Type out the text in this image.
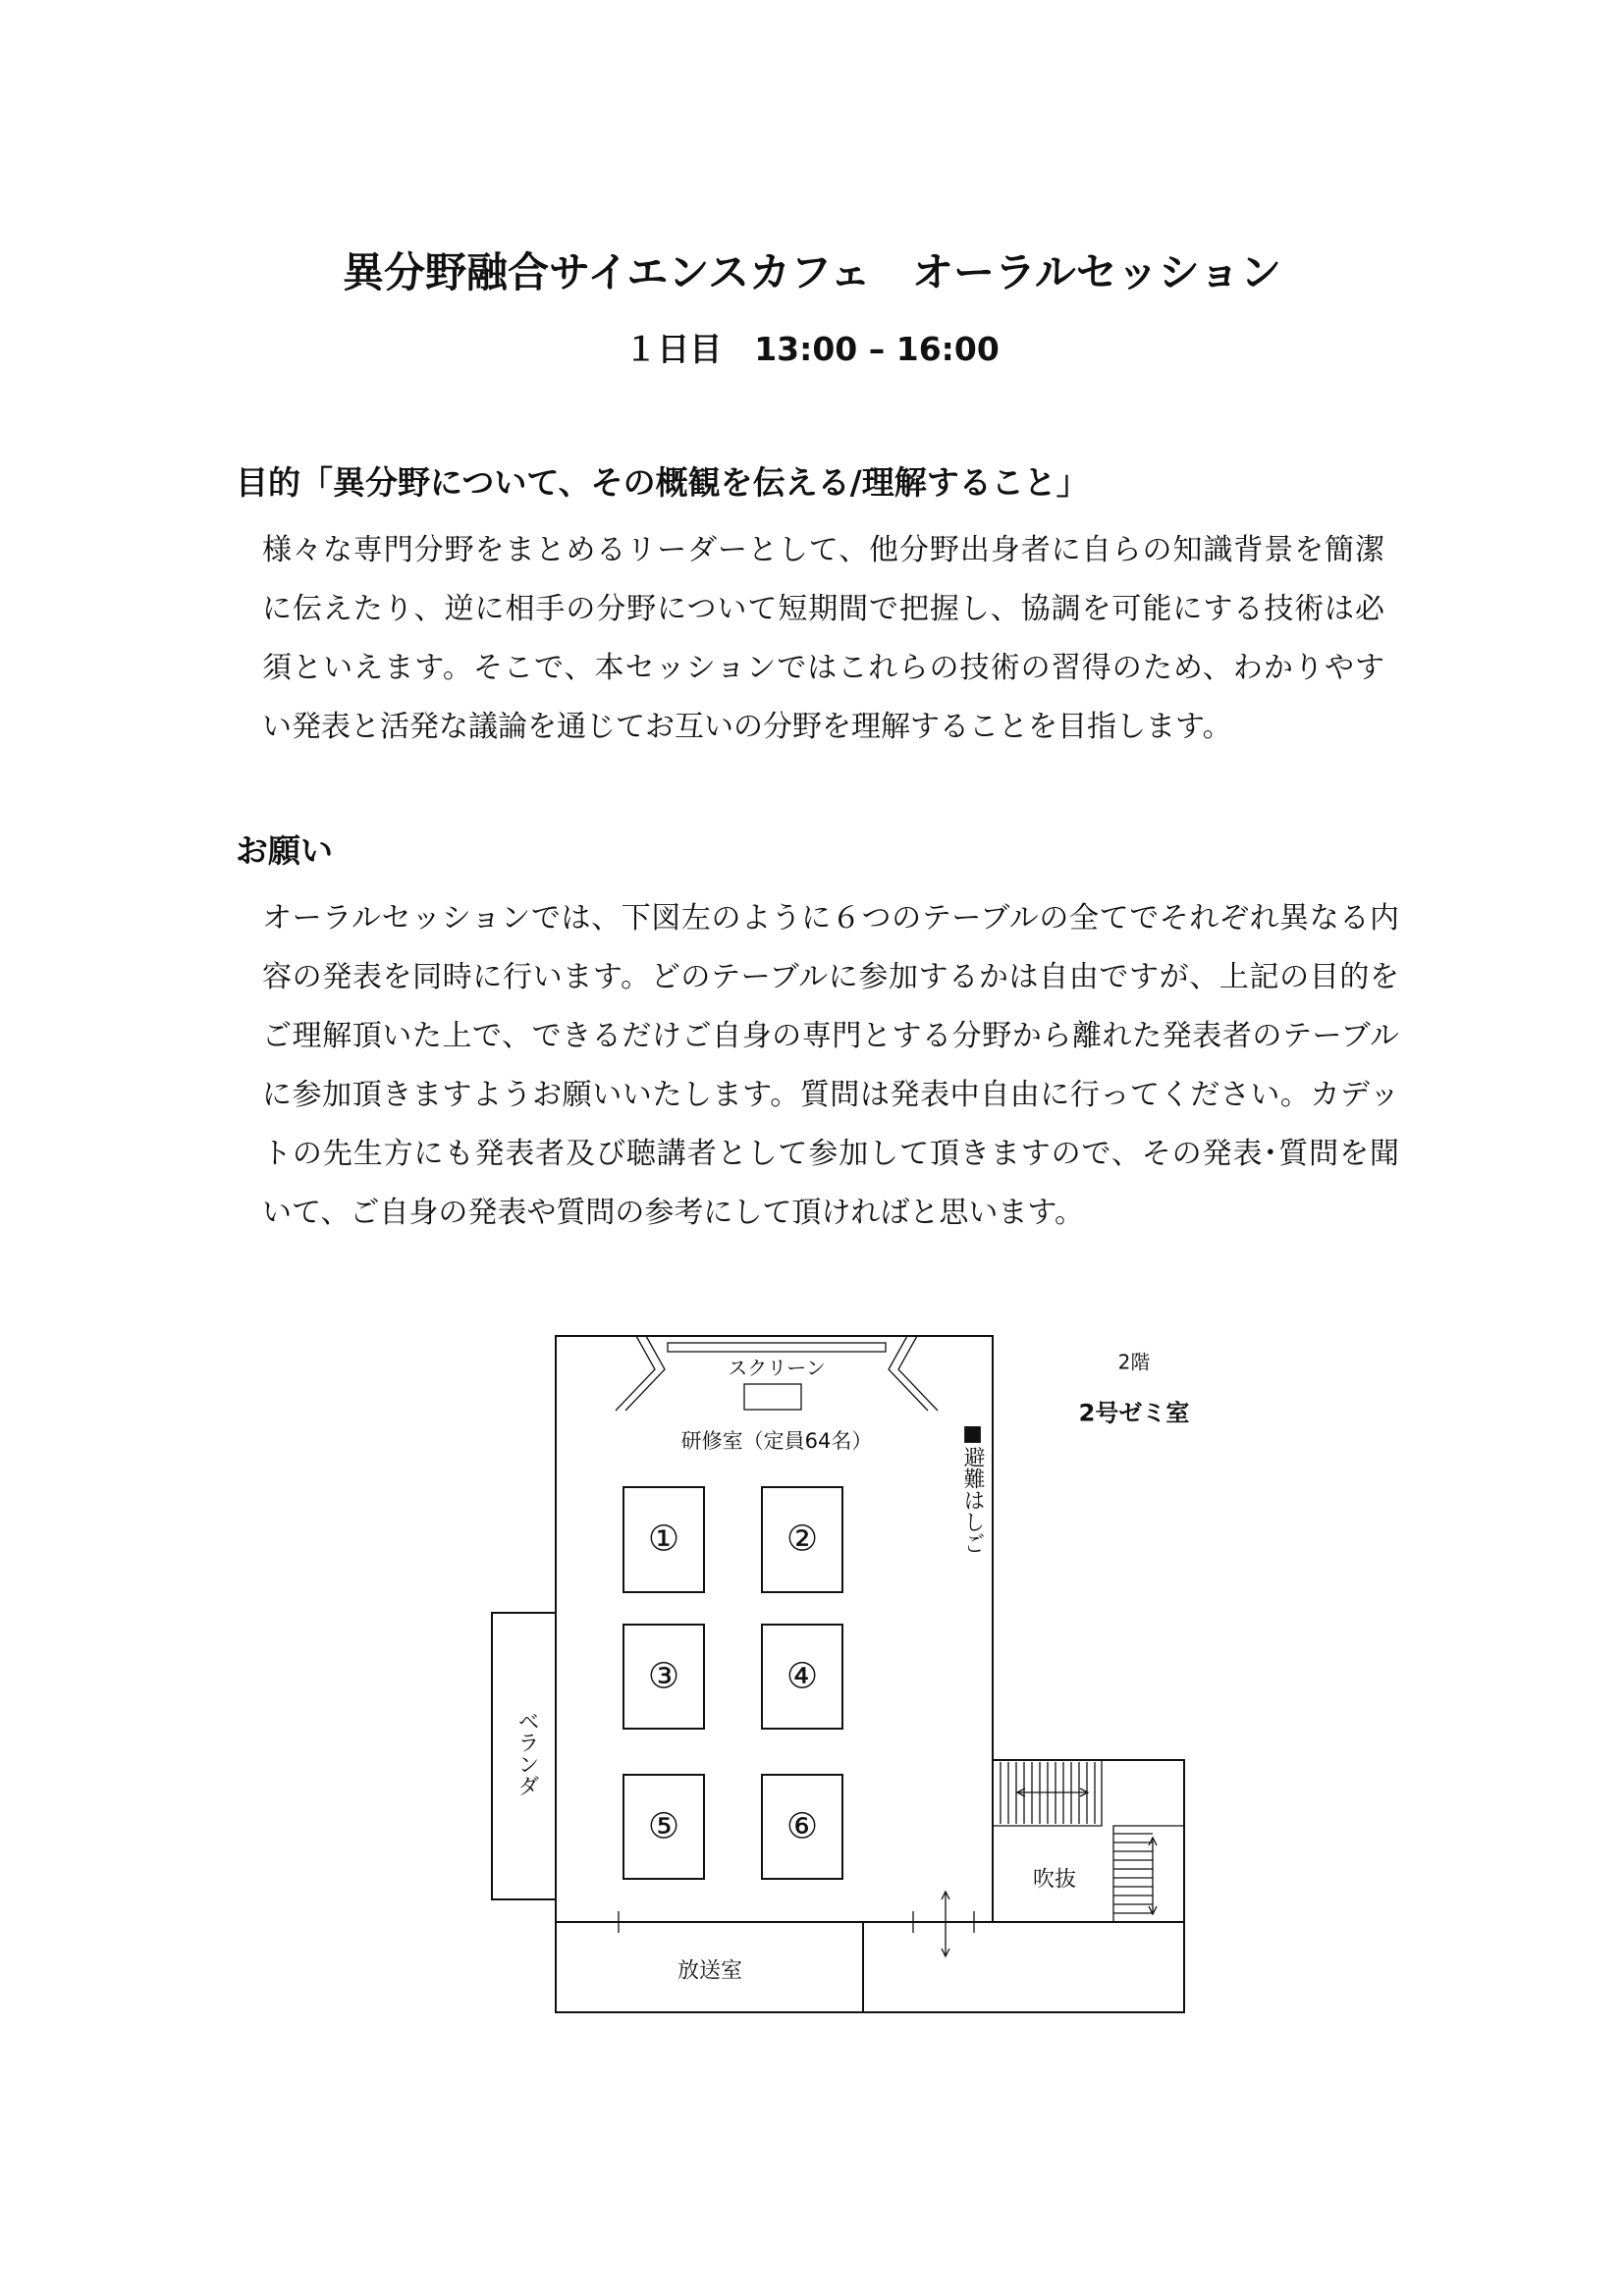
異分野融合サイエンスカフェ　オーラルセッション
１日目　13:00 – 16:00
目的「異分野について、その概観を伝える/理解すること」
様々な専門分野をまとめるリーダーとして、他分野出身者に自らの知識背景を簡潔
に伝えたり、逆に相手の分野について短期間で把握し、協調を可能にする技術は必
須といえます。そこで、本セッションではこれらの技術の習得のため、わかりやす
い発表と活発な議論を通じてお互いの分野を理解することを目指します。
お願い
オーラルセッションでは、下図左のように６つのテーブルの全てでそれぞれ異なる内
容の発表を同時に行います。どのテーブルに参加するかは自由ですが、上記の目的を
ご理解頂いた上で、できるだけご自身の専門とする分野から離れた発表者のテーブル
に参加頂きますようお願いいたします。質問は発表中自由に行ってください。カデッ
トの先生方にも発表者及び聴講者として参加して頂きますので、その発表･質問を聞
いて、ご自身の発表や質問の参考にして頂ければと思います。
スクリーン
研修室（定員64名）	■避難はしご
①	②
③	④
⑤	⑥
ベランダ
放送室
吹抜
2階
2号ゼミ室
